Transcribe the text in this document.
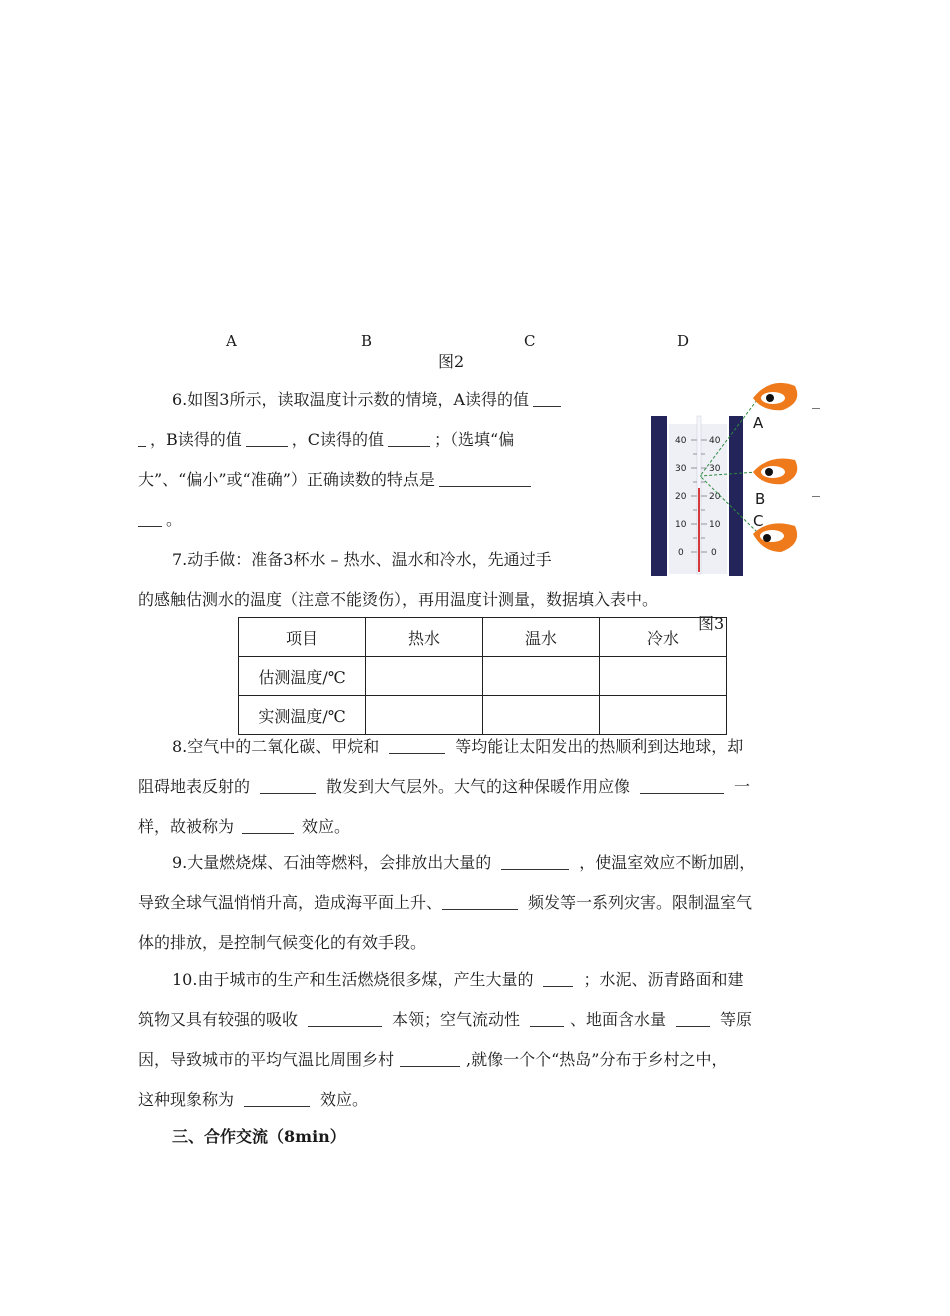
A	B	C	D
图2
6.如图3所示，读取温度计示数的情境，A读得的值	_
，B读得的值	，C读得的值	；（选填“偏
大”、“偏小”或“准确”）正确读数的特点是	_
。
40
30
20
10
0
40
30
20
10
0
A
B
C
图3
7.动手做：准备3杯水 – 热水、温水和冷水，先通过手
的感触估测水的温度（注意不能烫伤），再用温度计测量，数据填入表中。
项目	热水	温水	冷水
估测温度/℃			
实测温度/℃			
8.空气中的二氧化碳、甲烷和	等均能让太阳发出的热顺利到达地球，却
阻碍地表反射的	散发到大气层外。大气的这种保暖作用应像	一
样，故被称为	效应。
9.大量燃烧煤、石油等燃料，会排放出大量的	，使温室效应不断加剧，
导致全球气温悄悄升高，造成海平面上升、	频发等一系列灾害。限制温室气
体的排放，是控制气候变化的有效手段。
10.由于城市的生产和生活燃烧很多煤，产生大量的	；水泥、沥青路面和建
筑物又具有较强的吸收	本领；空气流动性	、地面含水量	等原
因，导致城市的平均气温比周围乡村	,就像一个个“热岛”分布于乡村之中，
这种现象称为	效应。
三、合作交流（8min）
